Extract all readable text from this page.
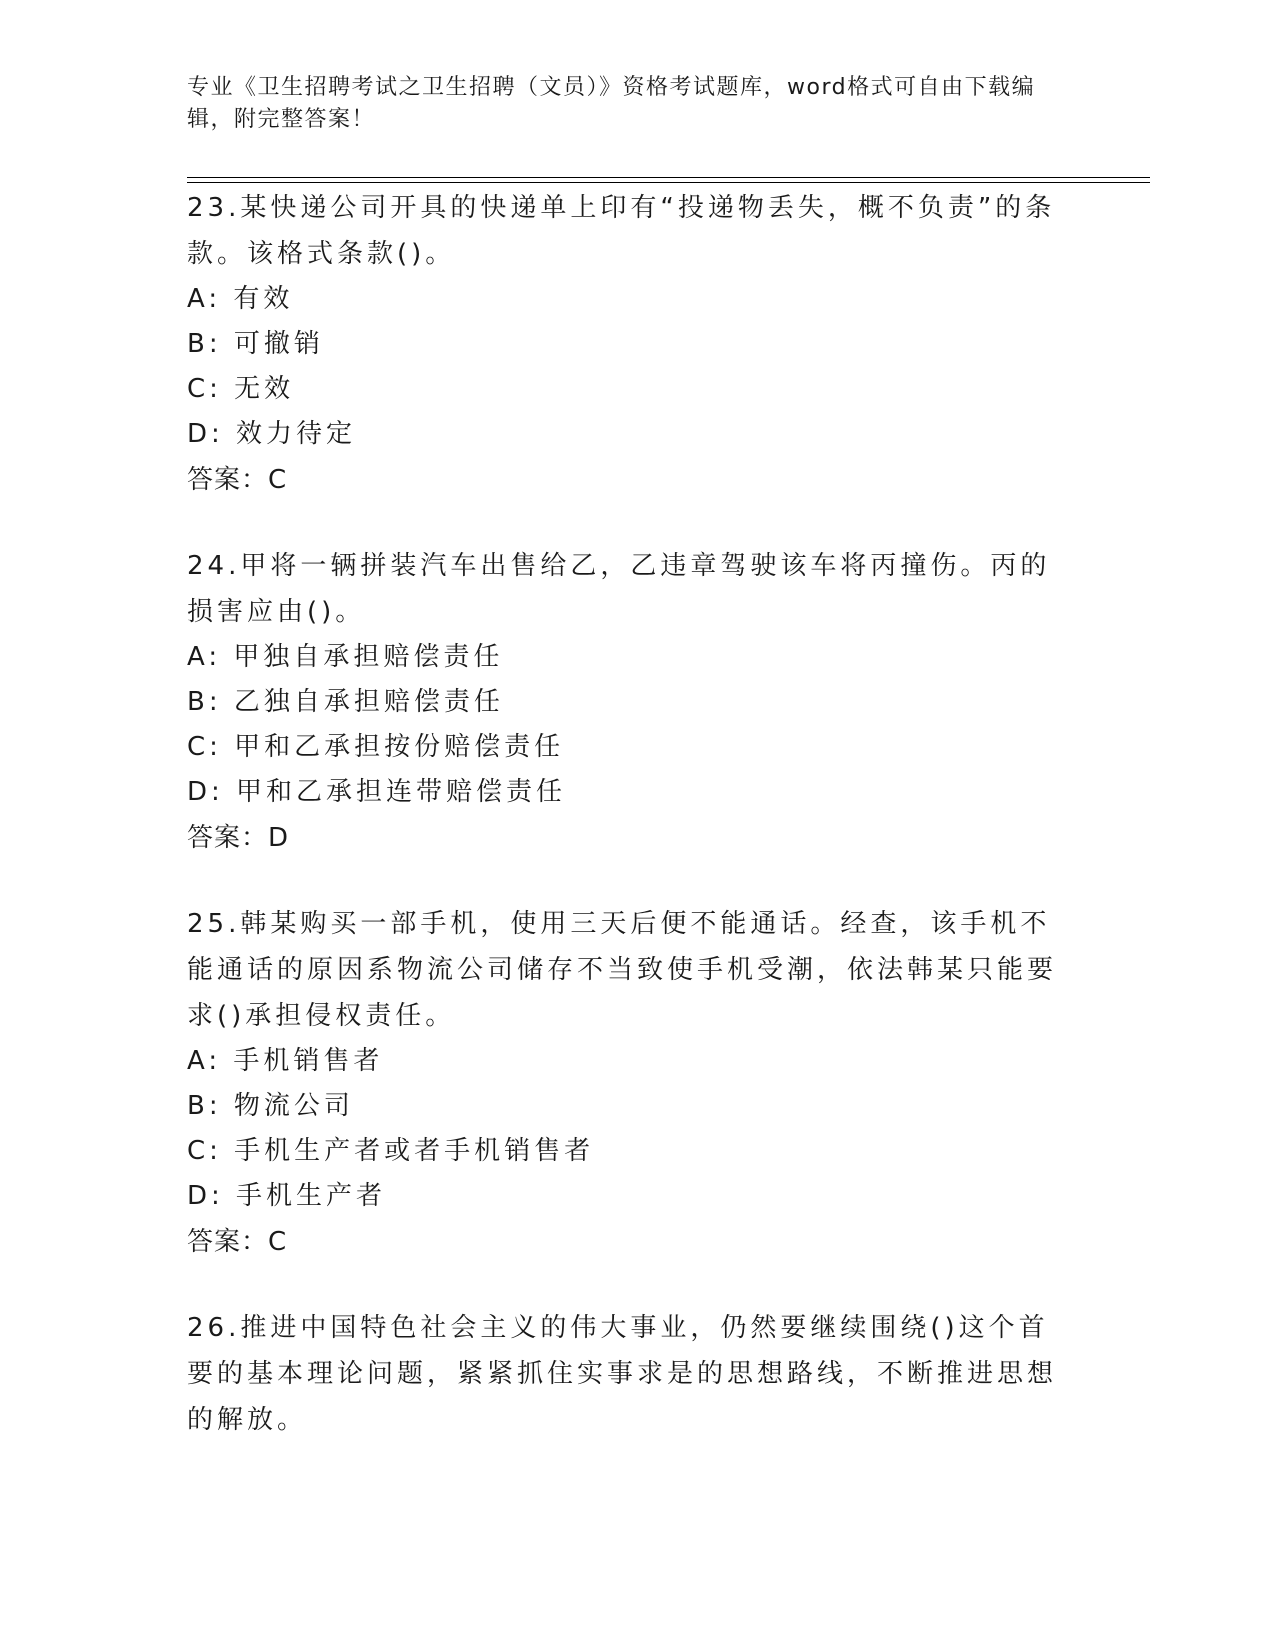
专业《卫生招聘考试之卫生招聘（文员）》资格考试题库，word格式可自由下载编辑，附完整答案！

23.某快递公司开具的快递单上印有“投递物丢失，概不负责”的条款。该格式条款()。

A: 有效

B: 可撤销

C: 无效

D: 效力待定

答案：C

24.甲将一辆拼装汽车出售给乙，乙违章驾驶该车将丙撞伤。丙的损害应由()。

A: 甲独自承担赔偿责任

B: 乙独自承担赔偿责任

C: 甲和乙承担按份赔偿责任

D: 甲和乙承担连带赔偿责任

答案：D

25.韩某购买一部手机，使用三天后便不能通话。经查，该手机不能通话的原因系物流公司储存不当致使手机受潮，依法韩某只能要求()承担侵权责任。

A: 手机销售者

B: 物流公司

C: 手机生产者或者手机销售者

D: 手机生产者

答案：C

26.推进中国特色社会主义的伟大事业，仍然要继续围绕()这个首要的基本理论问题，紧紧抓住实事求是的思想路线，不断推进思想的解放。
